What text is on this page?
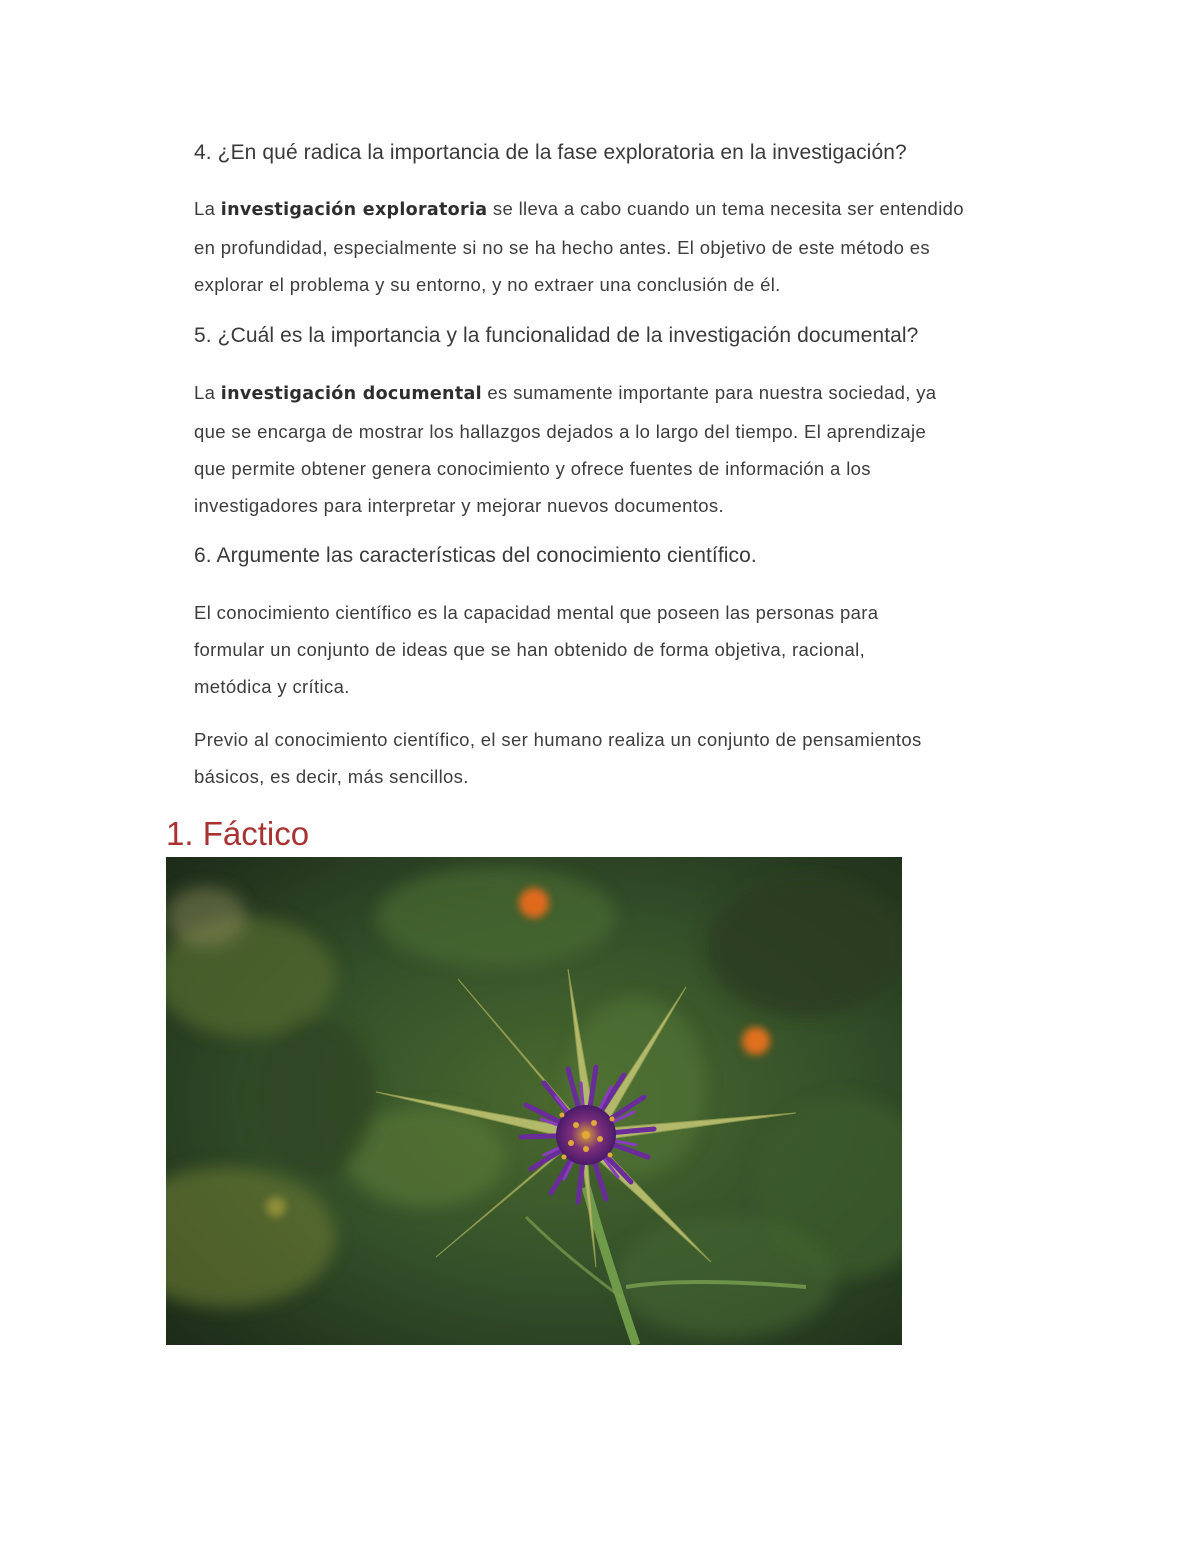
4. ¿En qué radica la importancia de la fase exploratoria en la investigación?
La investigación exploratoria se lleva a cabo cuando un tema necesita ser entendido
en profundidad, especialmente si no se ha hecho antes. El objetivo de este método es
explorar el problema y su entorno, y no extraer una conclusión de él.
5. ¿Cuál es la importancia y la funcionalidad de la investigación documental?
La investigación documental es sumamente importante para nuestra sociedad, ya
que se encarga de mostrar los hallazgos dejados a lo largo del tiempo. El aprendizaje
que permite obtener genera conocimiento y ofrece fuentes de información a los
investigadores para interpretar y mejorar nuevos documentos.
6. Argumente las características del conocimiento científico.
El conocimiento científico es la capacidad mental que poseen las personas para
formular un conjunto de ideas que se han obtenido de forma objetiva, racional,
metódica y crítica.
Previo al conocimiento científico, el ser humano realiza un conjunto de pensamientos
básicos, es decir, más sencillos.
1. Fáctico
